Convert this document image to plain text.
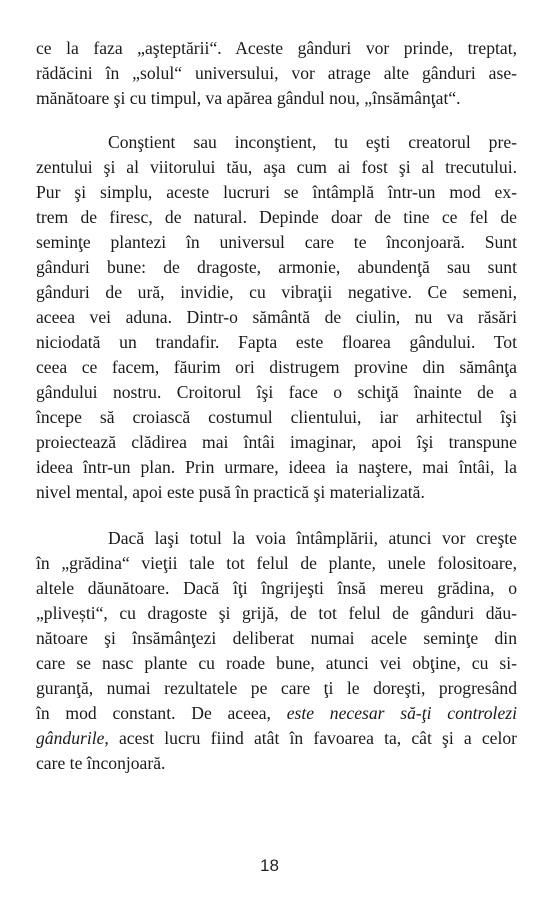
ce la faza „aşteptării“. Aceste gânduri vor prinde, treptat,
rădăcini în „solul“ universului, vor atrage alte gânduri ase-
mănătoare şi cu timpul, va apărea gândul nou, „însămânţat“.
Conştient sau inconştient, tu eşti creatorul pre-
zentului şi al viitorului tău, aşa cum ai fost şi al trecutului.
Pur şi simplu, aceste lucruri se întâmplă într-un mod ex-
trem de firesc, de natural. Depinde doar de tine ce fel de
seminţe plantezi în universul care te înconjoară. Sunt
gânduri bune: de dragoste, armonie, abundenţă sau sunt
gânduri de ură, invidie, cu vibraţii negative. Ce semeni,
aceea vei aduna. Dintr-o sământă de ciulin, nu va răsări
niciodată un trandafir. Fapta este floarea gândului. Tot
ceea ce facem, făurim ori distrugem provine din sămânţa
gândului nostru. Croitorul îşi face o schiţă înainte de a
începe să croiască costumul clientului, iar arhitectul îşi
proiectează clădirea mai întâi imaginar, apoi îşi transpune
ideea într-un plan. Prin urmare, ideea ia naştere, mai întâi, la
nivel mental, apoi este pusă în practică şi materializată.
Dacă laşi totul la voia întâmplării, atunci vor creşte
în „grădina“ vieţii tale tot felul de plante, unele folositoare,
altele dăunătoare. Dacă îţi îngrijeşti însă mereu grădina, o
„plivești“, cu dragoste şi grijă, de tot felul de gânduri dău-
nătoare şi însămânţezi deliberat numai acele seminţe din
care se nasc plante cu roade bune, atunci vei obţine, cu si-
guranţă, numai rezultatele pe care ţi le doreşti, progresând
în mod constant. De aceea, este necesar să-ţi controlezi
gândurile, acest lucru fiind atât în favoarea ta, cât şi a celor
care te înconjoară.
18
